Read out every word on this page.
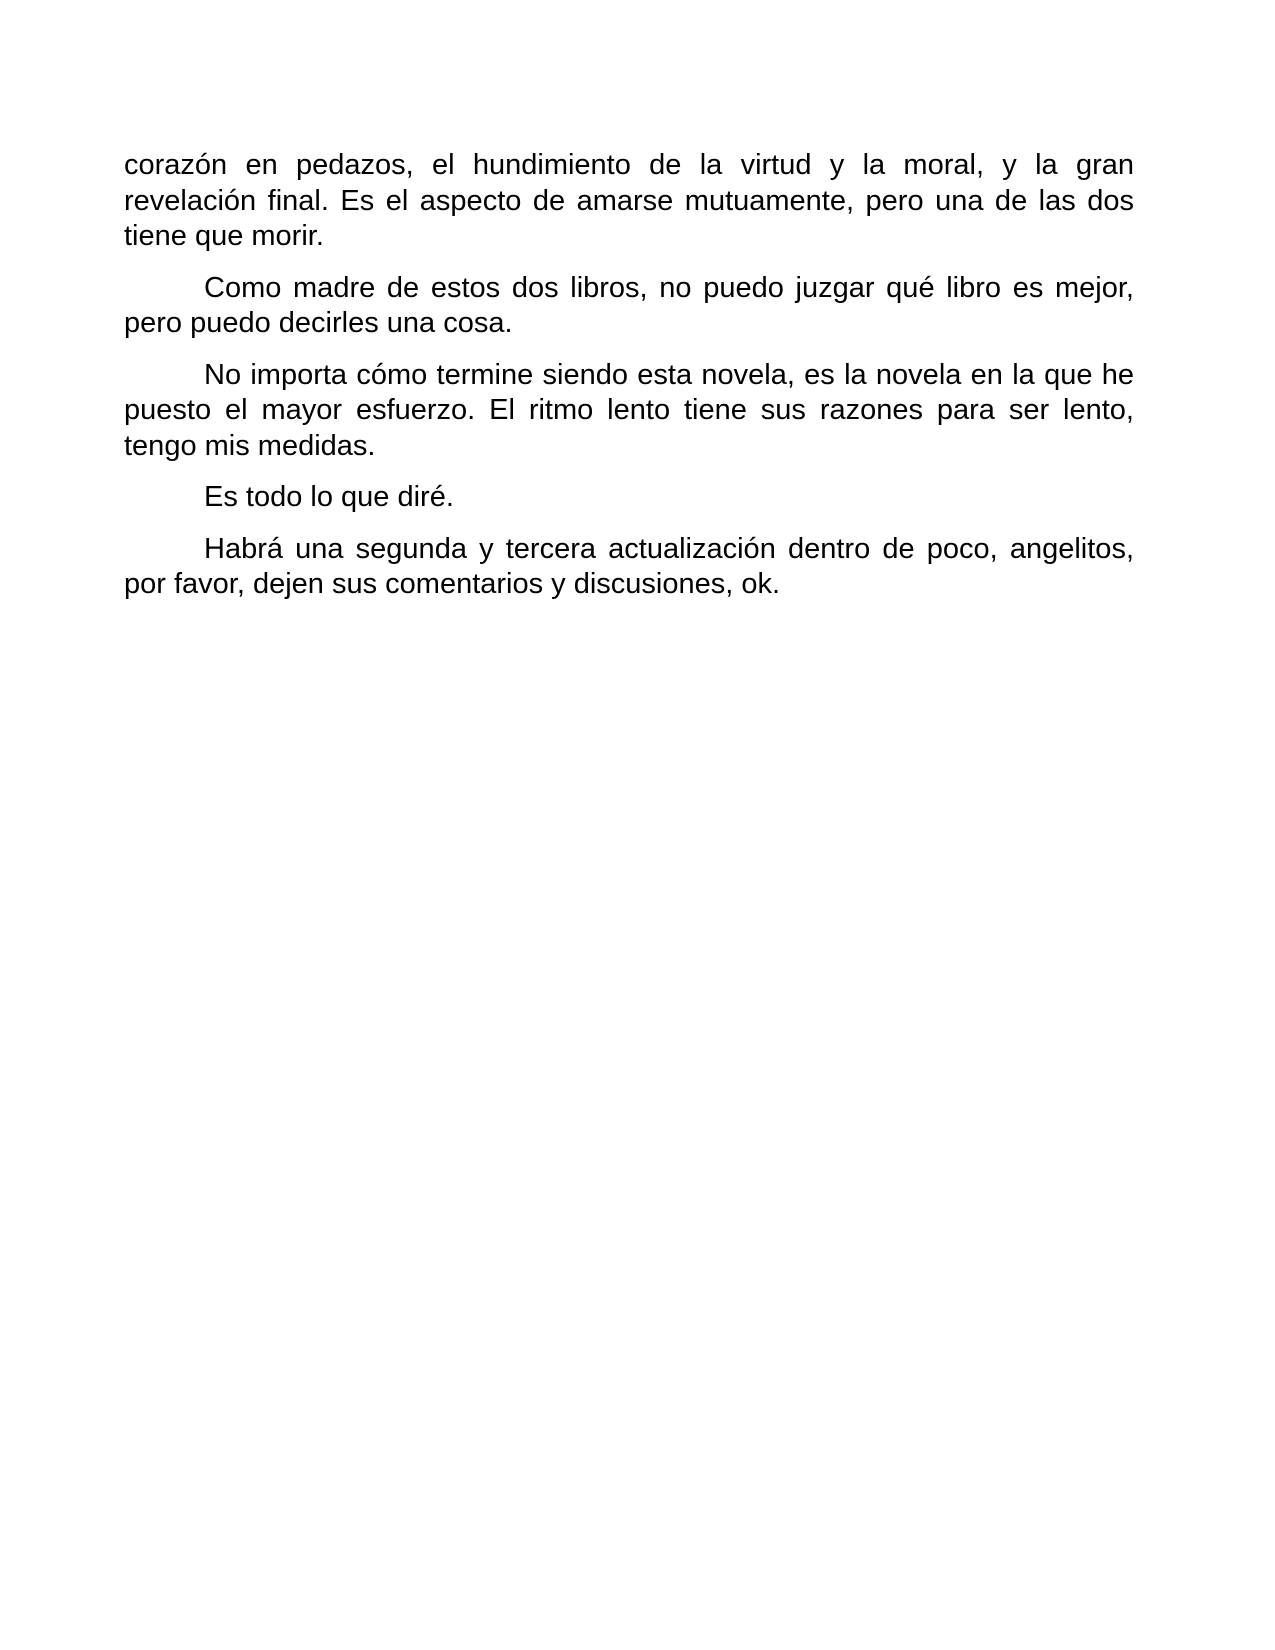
corazón en pedazos, el hundimiento de la virtud y la moral, y la gran revelación final. Es el aspecto de amarse mutuamente, pero una de las dos tiene que morir.

Como madre de estos dos libros, no puedo juzgar qué libro es mejor, pero puedo decirles una cosa.

No importa cómo termine siendo esta novela, es la novela en la que he puesto el mayor esfuerzo. El ritmo lento tiene sus razones para ser lento, tengo mis medidas.

Es todo lo que diré.

Habrá una segunda y tercera actualización dentro de poco, angelitos, por favor, dejen sus comentarios y discusiones, ok.
